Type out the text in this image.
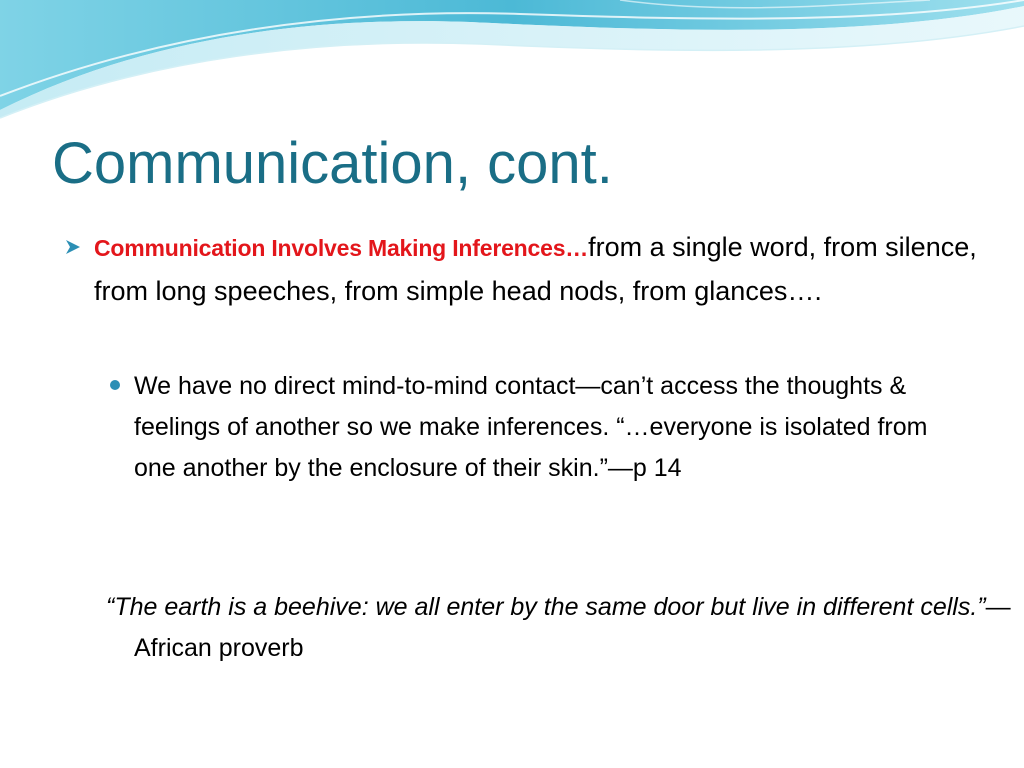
Communication, cont.

Communication Involves Making Inferences…from a single word, from silence, from long speeches, from simple head nods, from glances….

We have no direct mind-to-mind contact—can’t access the thoughts & feelings of another so we make inferences. “…everyone is isolated from one another by the enclosure of their skin.”—p 14

“The earth is a beehive: we all enter by the same door but live in different cells.”—African proverb
